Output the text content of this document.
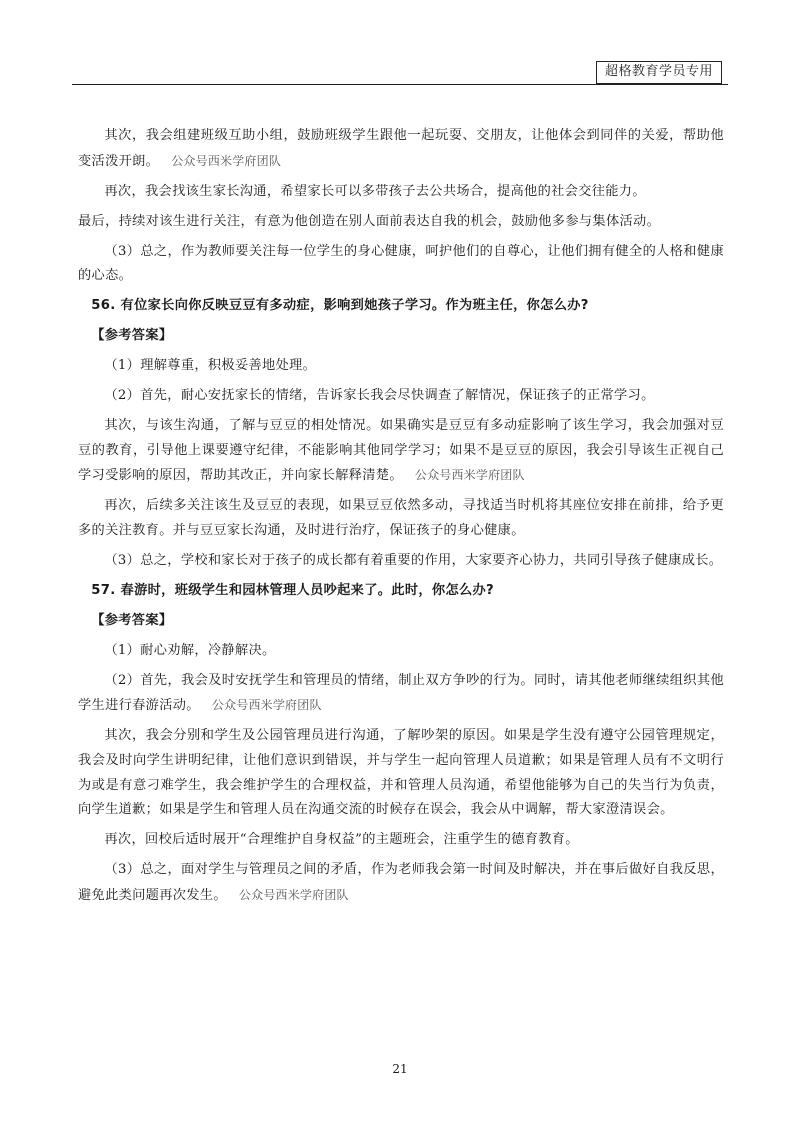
超格教育学员专用

其次，我会组建班级互助小组，鼓励班级学生跟他一起玩耍、交朋友，让他体会到同伴的关爱，帮助他变活泼开朗。 公众号西米学府团队

再次，我会找该生家长沟通，希望家长可以多带孩子去公共场合，提高他的社会交往能力。

最后，持续对该生进行关注，有意为他创造在别人面前表达自我的机会，鼓励他多参与集体活动。

（3）总之，作为教师要关注每一位学生的身心健康，呵护他们的自尊心，让他们拥有健全的人格和健康的心态。

56. 有位家长向你反映豆豆有多动症，影响到她孩子学习。作为班主任，你怎么办?

【参考答案】

（1）理解尊重，积极妥善地处理。

（2）首先，耐心安抚家长的情绪，告诉家长我会尽快调查了解情况，保证孩子的正常学习。

其次，与该生沟通，了解与豆豆的相处情况。如果确实是豆豆有多动症影响了该生学习，我会加强对豆豆的教育，引导他上课要遵守纪律，不能影响其他同学学习；如果不是豆豆的原因，我会引导该生正视自己学习受影响的原因，帮助其改正，并向家长解释清楚。 公众号西米学府团队

再次，后续多关注该生及豆豆的表现，如果豆豆依然多动，寻找适当时机将其座位安排在前排，给予更多的关注教育。并与豆豆家长沟通，及时进行治疗，保证孩子的身心健康。

（3）总之，学校和家长对于孩子的成长都有着重要的作用，大家要齐心协力，共同引导孩子健康成长。

57. 春游时，班级学生和园林管理人员吵起来了。此时，你怎么办?

【参考答案】

（1）耐心劝解，冷静解决。

（2）首先，我会及时安抚学生和管理员的情绪，制止双方争吵的行为。同时，请其他老师继续组织其他学生进行春游活动。 公众号西米学府团队

其次，我会分别和学生及公园管理员进行沟通，了解吵架的原因。如果是学生没有遵守公园管理规定，我会及时向学生讲明纪律，让他们意识到错误，并与学生一起向管理人员道歉；如果是管理人员有不文明行为或是有意刁难学生，我会维护学生的合理权益，并和管理人员沟通，希望他能够为自己的失当行为负责，向学生道歉；如果是学生和管理人员在沟通交流的时候存在误会，我会从中调解，帮大家澄清误会。

再次，回校后适时展开“合理维护自身权益”的主题班会，注重学生的德育教育。

（3）总之，面对学生与管理员之间的矛盾，作为老师我会第一时间及时解决，并在事后做好自我反思，避免此类问题再次发生。 公众号西米学府团队

21
